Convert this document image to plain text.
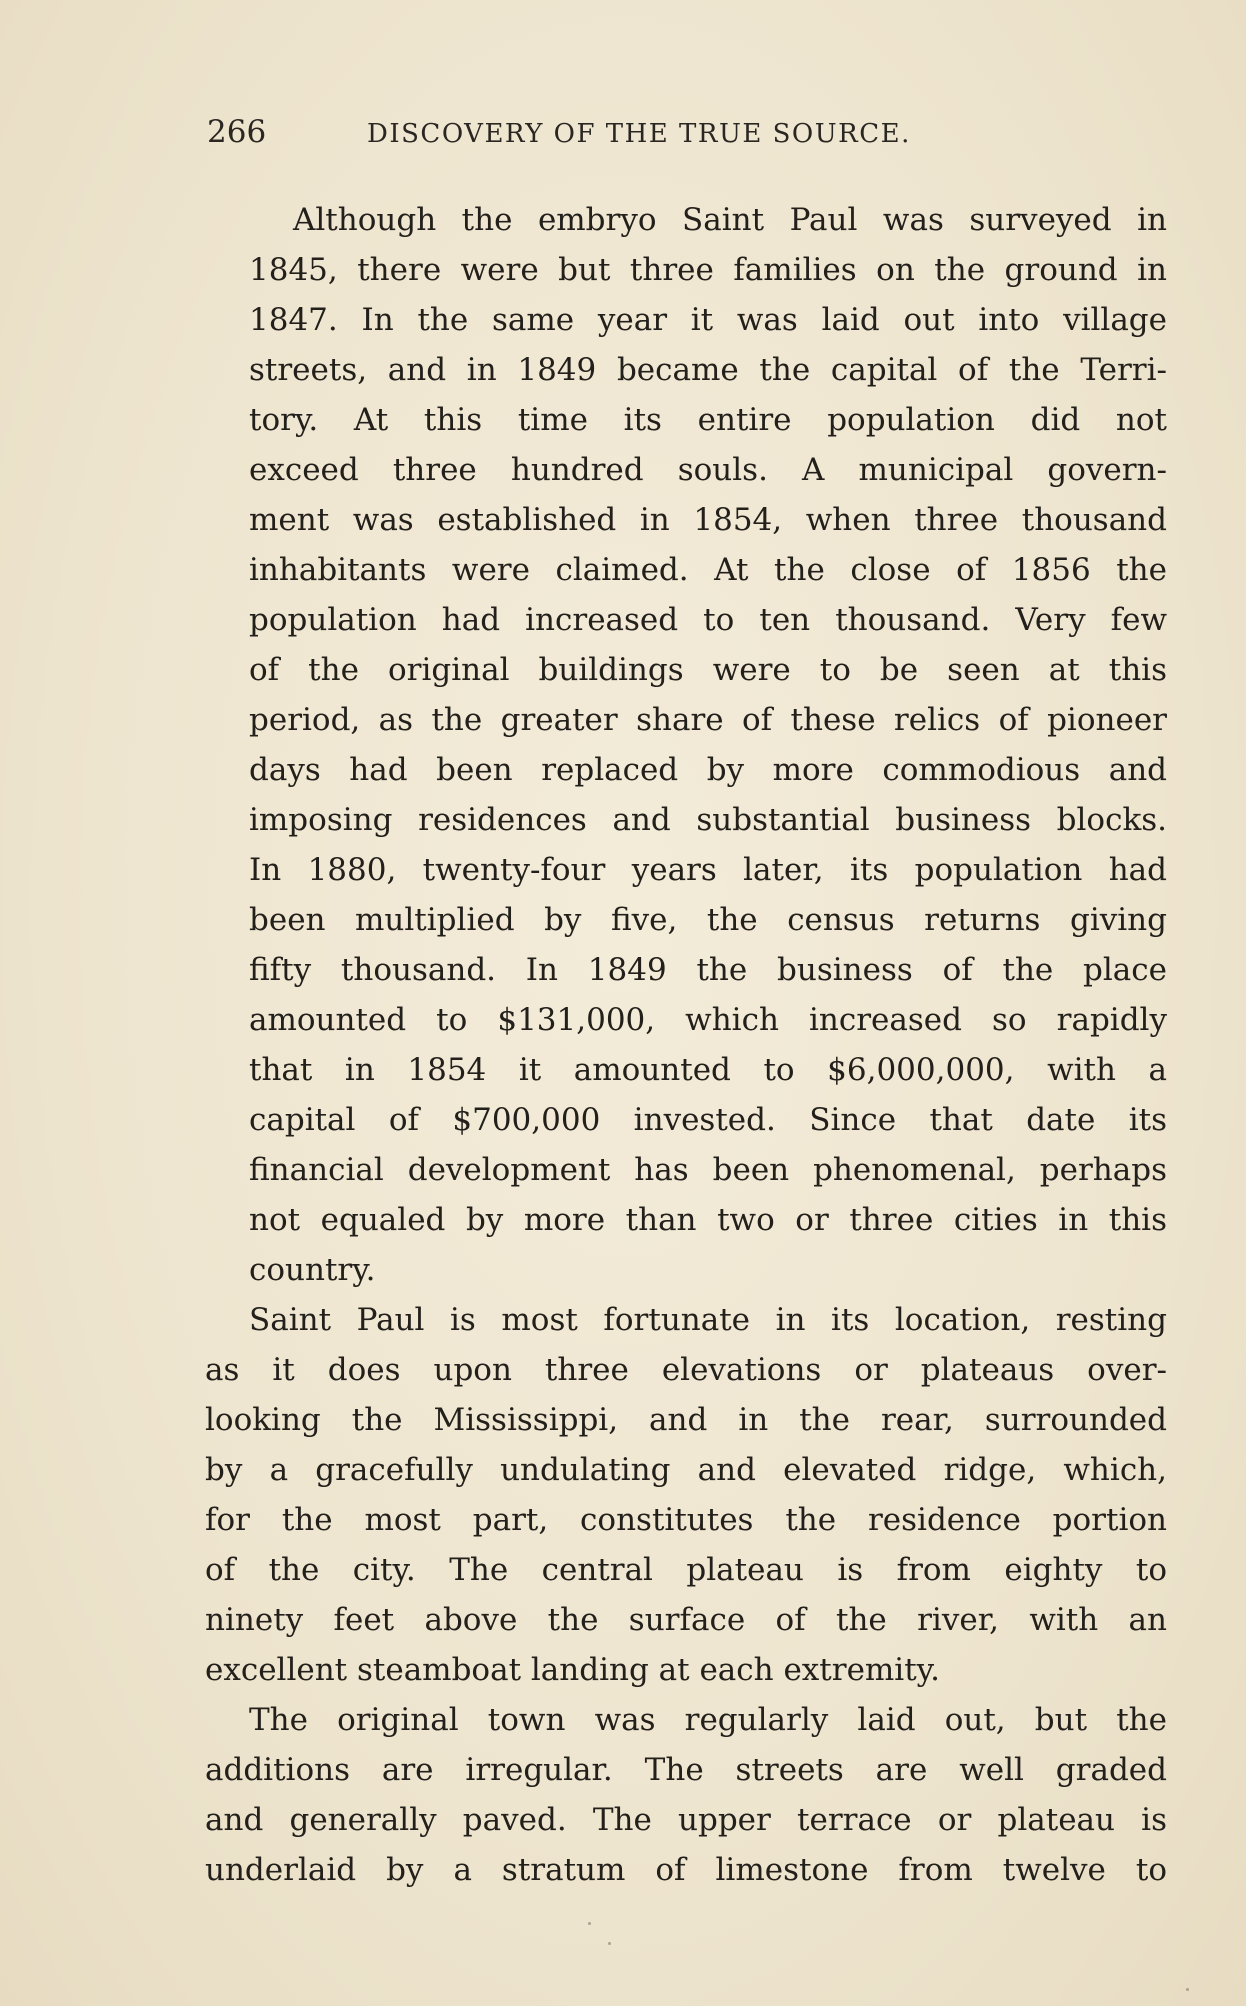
266	DISCOVERY OF THE TRUE SOURCE.
Although the embryo Saint Paul was surveyed in
1845, there were but three families on the ground in
1847. In the same year it was laid out into village
streets, and in 1849 became the capital of the Terri-
tory. At this time its entire population did not
exceed three hundred souls. A municipal govern-
ment was established in 1854, when three thousand
inhabitants were claimed. At the close of 1856 the
population had increased to ten thousand. Very few
of the original buildings were to be seen at this
period, as the greater share of these relics of pioneer
days had been replaced by more commodious and
imposing residences and substantial business blocks.
In 1880, twenty-four years later, its population had
been multiplied by five, the census returns giving
fifty thousand. In 1849 the business of the place
amounted to $131,000, which increased so rapidly
that in 1854 it amounted to $6,000,000, with a
capital of $700,000 invested. Since that date its
financial development has been phenomenal, perhaps
not equaled by more than two or three cities in this
country.
Saint Paul is most fortunate in its location, resting
as it does upon three elevations or plateaus over-
looking the Mississippi, and in the rear, surrounded
by a gracefully undulating and elevated ridge, which,
for the most part, constitutes the residence portion
of the city. The central plateau is from eighty to
ninety feet above the surface of the river, with an
excellent steamboat landing at each extremity.
The original town was regularly laid out, but the
additions are irregular. The streets are well graded
and generally paved. The upper terrace or plateau is
underlaid by a stratum of limestone from twelve to
